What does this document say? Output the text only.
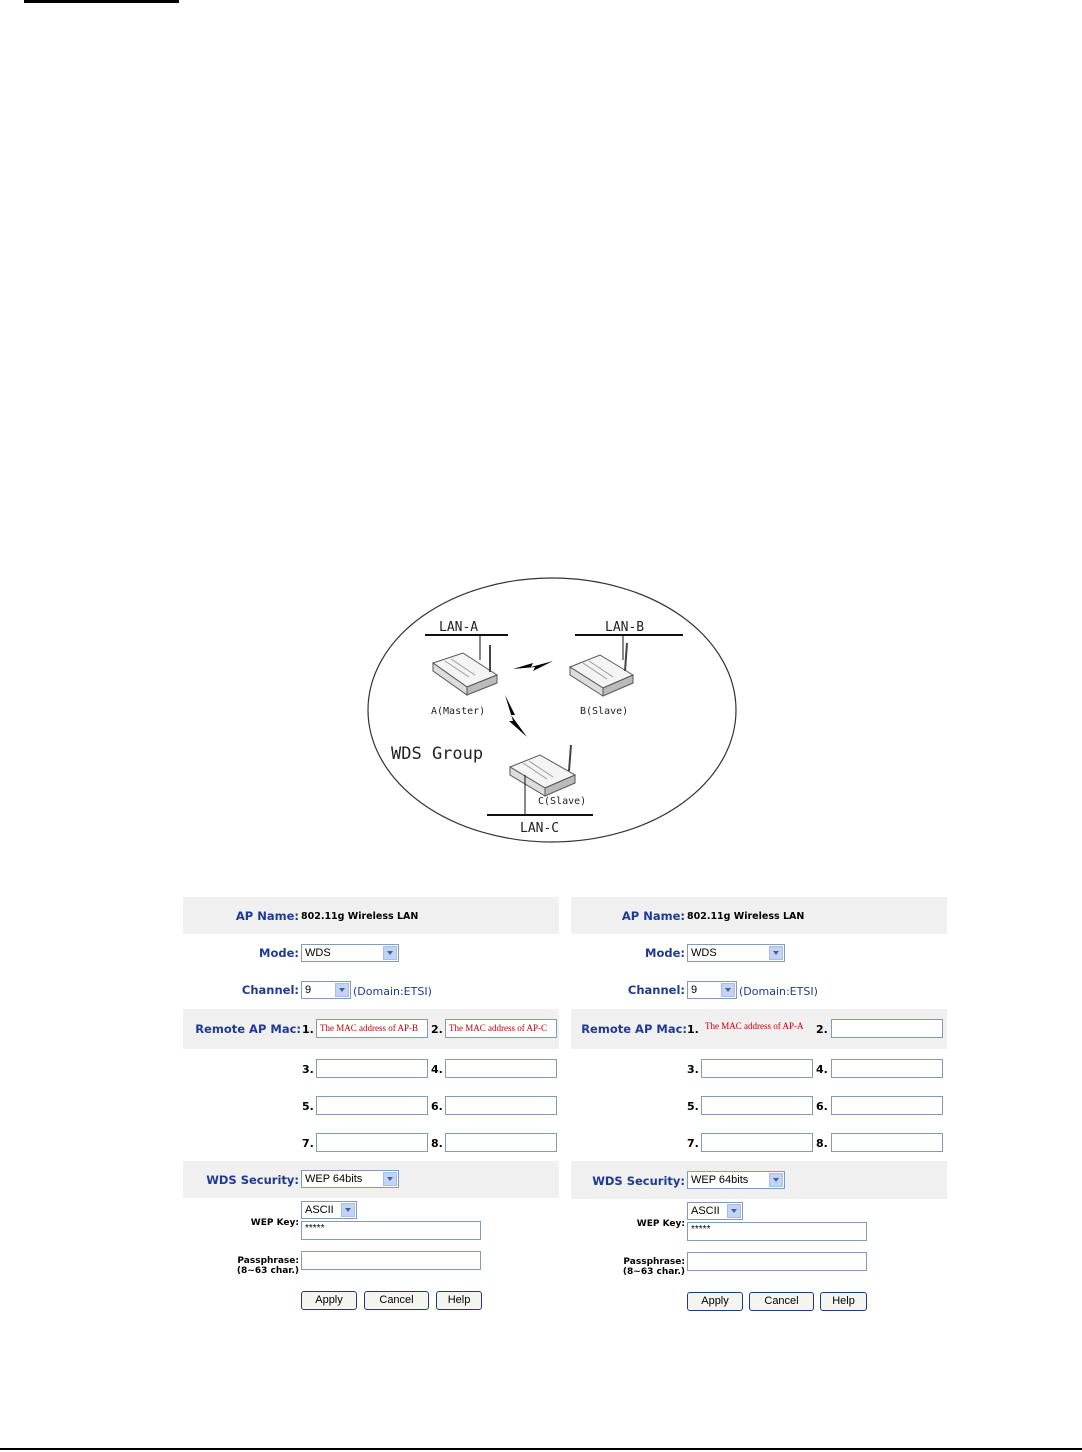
LAN-A
A(Master)
LAN-B
B(Slave)
WDS Group
C(Slave)
LAN-C
AP Name: 802.11g Wireless LAN
Mode: WDS
Channel: 9	(Domain:ETSI)
Remote AP Mac: 1. The MAC address of AP-B	2. The MAC address of AP-C
3.	4.
5.	6.
7.	8.
WDS Security: WEP 64bits
WEP Key:
ASCII
*****
Passphrase:
(8~63 char.)
Apply	Cancel	Help
AP Name: 802.11g Wireless LAN
Mode: WDS
Channel: 9	(Domain:ETSI)
Remote AP Mac: 1. The MAC address of AP-A	2.
3.	4.
5.	6.
7.	8.
WDS Security: WEP 64bits
WEP Key:
ASCII
*****
Passphrase:
(8~63 char.)
Apply	Cancel	Help
